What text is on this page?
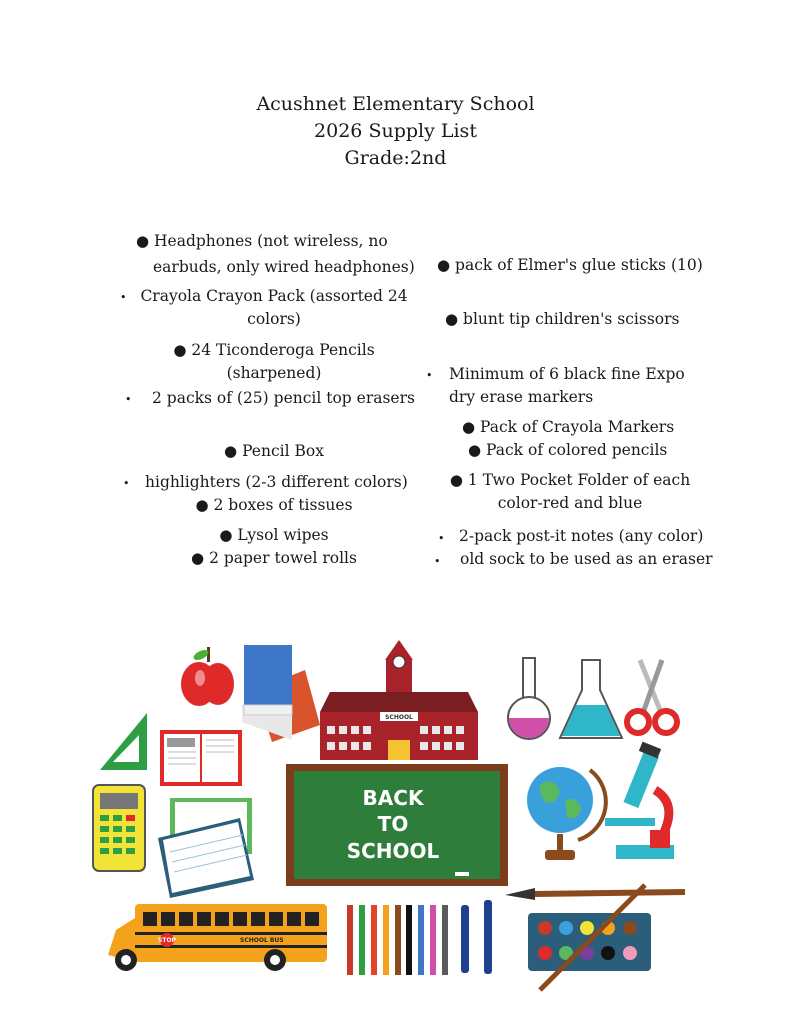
Acushnet Elementary School
2026 Supply List
Grade:2nd
● Headphones (not wireless, no
earbuds, only wired headphones)
• Crayola Crayon Pack (assorted 24
colors)
● 24 Ticonderoga Pencils
(sharpened)
• 2 packs of (25) pencil top erasers
● Pencil Box
• highlighters (2-3 different colors)
● 2 boxes of tissues
● Lysol wipes
● 2 paper towel rolls
● pack of Elmer's glue sticks (10)
● blunt tip children's scissors
• Minimum of 6 black fine Expo
dry erase markers
● Pack of Crayola Markers
● Pack of colored pencils
● 1 Two Pocket Folder of each
color-red and blue
• 2-pack post-it notes (any color)
• old sock to be used as an eraser
SCHOOL
BACK
TO
SCHOOL
SCHOOL BUS
STOP
